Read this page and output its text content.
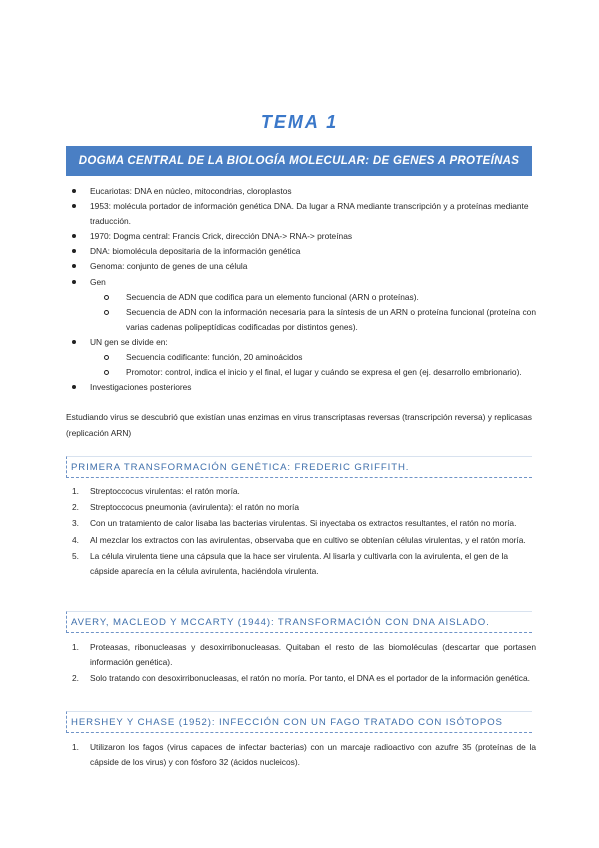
TEMA 1
DOGMA CENTRAL DE LA BIOLOGÍA MOLECULAR: DE GENES A PROTEÍNAS
Eucariotas: DNA en núcleo, mitocondrias, cloroplastos
1953: molécula portador de información genética DNA. Da lugar a RNA mediante transcripción y a proteínas mediante traducción.
1970: Dogma central: Francis Crick, dirección DNA-> RNA-> proteínas
DNA: biomolécula depositaria de la información genética
Genoma: conjunto de genes de una célula
Gen
Secuencia de ADN que codifica para un elemento funcional (ARN o proteínas).
Secuencia de ADN con la información necesaria para la síntesis de un ARN o proteína funcional (proteína con varias cadenas polipeptídicas codificadas por distintos genes).
UN gen se divide en:
Secuencia codificante: función, 20 aminoácidos
Promotor: control, indica el inicio y el final, el lugar y cuándo se expresa el gen (ej. desarrollo embrionario).
Investigaciones posteriores
Estudiando virus se descubrió que existían unas enzimas en virus transcriptasas reversas (transcripción reversa) y replicasas (replicación ARN)
PRIMERA TRANSFORMACIÓN GENÉTICA: FREDERIC GRIFFITH.
1. Streptoccocus virulentas: el ratón moría.
2. Streptoccocus pneumonia (avirulenta): el ratón no moría
3. Con un tratamiento de calor lisaba las bacterias virulentas. Si inyectaba os extractos resultantes, el ratón no moría.
4. Al mezclar los extractos con las avirulentas, observaba que en cultivo se obtenían células virulentas, y el ratón moría.
5. La célula virulenta tiene una cápsula que la hace ser virulenta. Al lisarla y cultivarla con la avirulenta, el gen de la cápside aparecía en la célula avirulenta, haciéndola virulenta.
AVERY, MACLEOD Y MCCARTY (1944): TRANSFORMACIÓN CON DNA AISLADO.
1. Proteasas, ribonucleasas y desoxirribonucleasas. Quitaban el resto de las biomoléculas (descartar que portasen información genética).
2. Solo tratando con desoxirribonucleasas, el ratón no moría. Por tanto, el DNA es el portador de la información genética.
HERSHEY Y CHASE (1952): INFECCIÓN CON UN FAGO TRATADO CON ISÓTOPOS
1. Utilizaron los fagos (virus capaces de infectar bacterias) con un marcaje radioactivo con azufre 35 (proteínas de la cápside de los virus) y con fósforo 32 (ácidos nucleicos).
